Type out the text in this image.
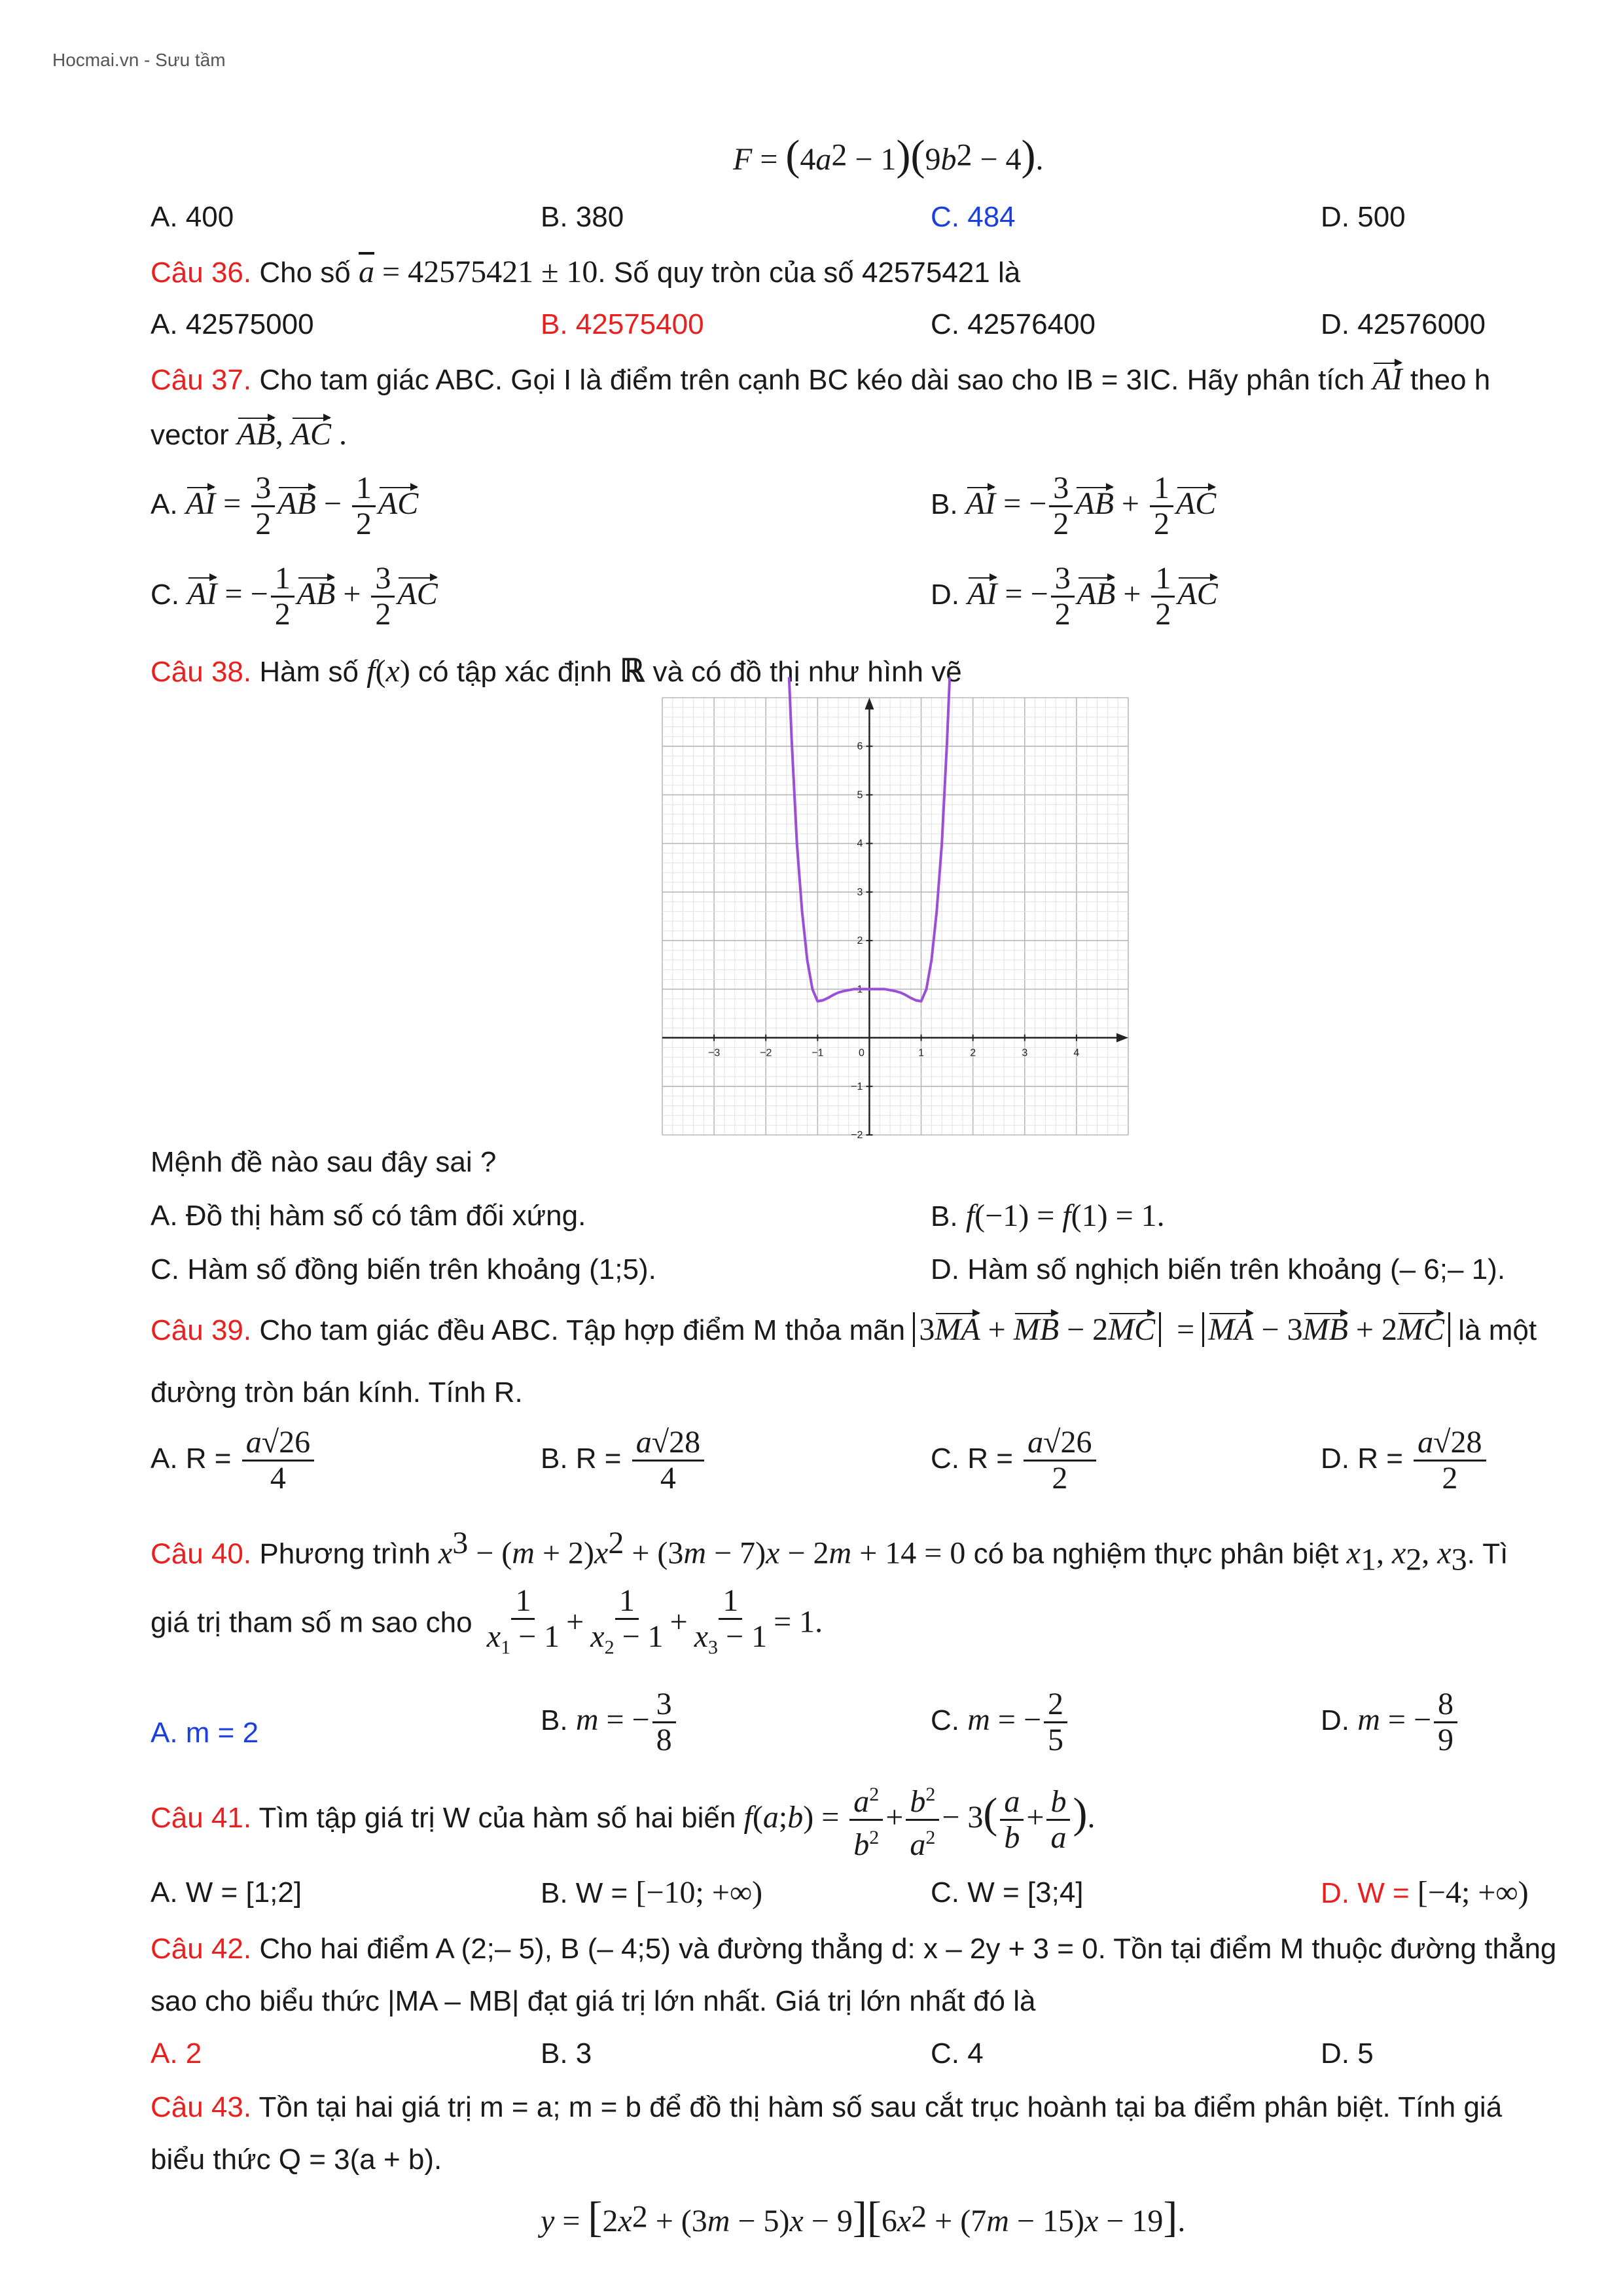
Hocmai.vn - Sưu tầm
$F = (4a^2 - 1)(9b^2 - 4)$.
A. 400	B. 380	C. 484	D. 500
Câu 36. Cho số $\overline{a} = 42575421 \pm 10$. Số quy tròn của số 42575421 là
A. 42575000	B. 42575400	C. 42576400	D. 42576000
Câu 37. Cho tam giác ABC. Gọi I là điểm trên cạnh BC kéo dài sao cho IB = 3IC. Hãy phân tích AI theo h
vector AB, AC .
A. AI = $\frac{3}{2}$ AB − $\frac{1}{2}$ AC	B. AI = − $\frac{3}{2}$ AB + $\frac{1}{2}$ AC
C. AI = − $\frac{1}{2}$ AB + $\frac{3}{2}$ AC	D. AI = − $\frac{3}{2}$ AB + $\frac{1}{2}$ AC
Câu 38. Hàm số f(x) có tập xác định ℝ và có đồ thị như hình vẽ
−3	−2	−1	0	1	2	3	4
−2
−1
1
2
3
4
5
6
Mệnh đề nào sau đây sai ?
A. Đồ thị hàm số có tâm đối xứng.	B. f(−1) = f(1) = 1.
C. Hàm số đồng biến trên khoảng (1;5).	D. Hàm số nghịch biến trên khoảng (– 6;– 1).
Câu 39. Cho tam giác đều ABC. Tập hợp điểm M thỏa mãn 3MA + MB − 2MC = MA − 3MB + 2MC là một
đường tròn bán kính. Tính R.
A. $R = \frac{a√26}{4}$	B. $R = \frac{a√28}{4}$	C. $R = \frac{a√26}{2}$	D. $R = \frac{a√28}{2}$
Câu 40. Phương trình $x^3 - (m + 2)x^2 + (3m - 7)x - 2m + 14 = 0$ có ba nghiệm thực phân biệt $x_1$, $x_2$, $x_3$. Tì
giá trị tham số m sao cho $\frac{1}{x_1 - 1} + \frac{1}{x_2 - 1} + \frac{1}{x_3 - 1} = 1$.
A. m = 2	B. m = − $\frac{3}{8}$	C. m = − $\frac{2}{5}$	D. m = − $\frac{8}{9}$
Câu 41. Tìm tập giá trị W của hàm số hai biến f(a;b) = $\frac{a^2}{b^2} + \frac{b^2}{a^2} - 3( \frac{a}{b} + \frac{b}{a}$ ).
A. W = [1;2]	B. W = [−10; +∞)	C. W = [3;4]	D. W = [−4; +∞)
Câu 42. Cho hai điểm A (2;– 5), B (– 4;5) và đường thẳng d: x – 2y + 3 = 0. Tồn tại điểm M thuộc đường thẳng
sao cho biểu thức |MA – MB| đạt giá trị lớn nhất. Giá trị lớn nhất đó là
A. 2	B. 3	C. 4	D. 5
Câu 43. Tồn tại hai giá trị m = a; m = b để đồ thị hàm số sau cắt trục hoành tại ba điểm phân biệt. Tính giá
biểu thức Q = 3(a + b).
$y = [2x^2 + (3m - 5)x - 9][6x^2 + (7m - 15)x - 19]$.
